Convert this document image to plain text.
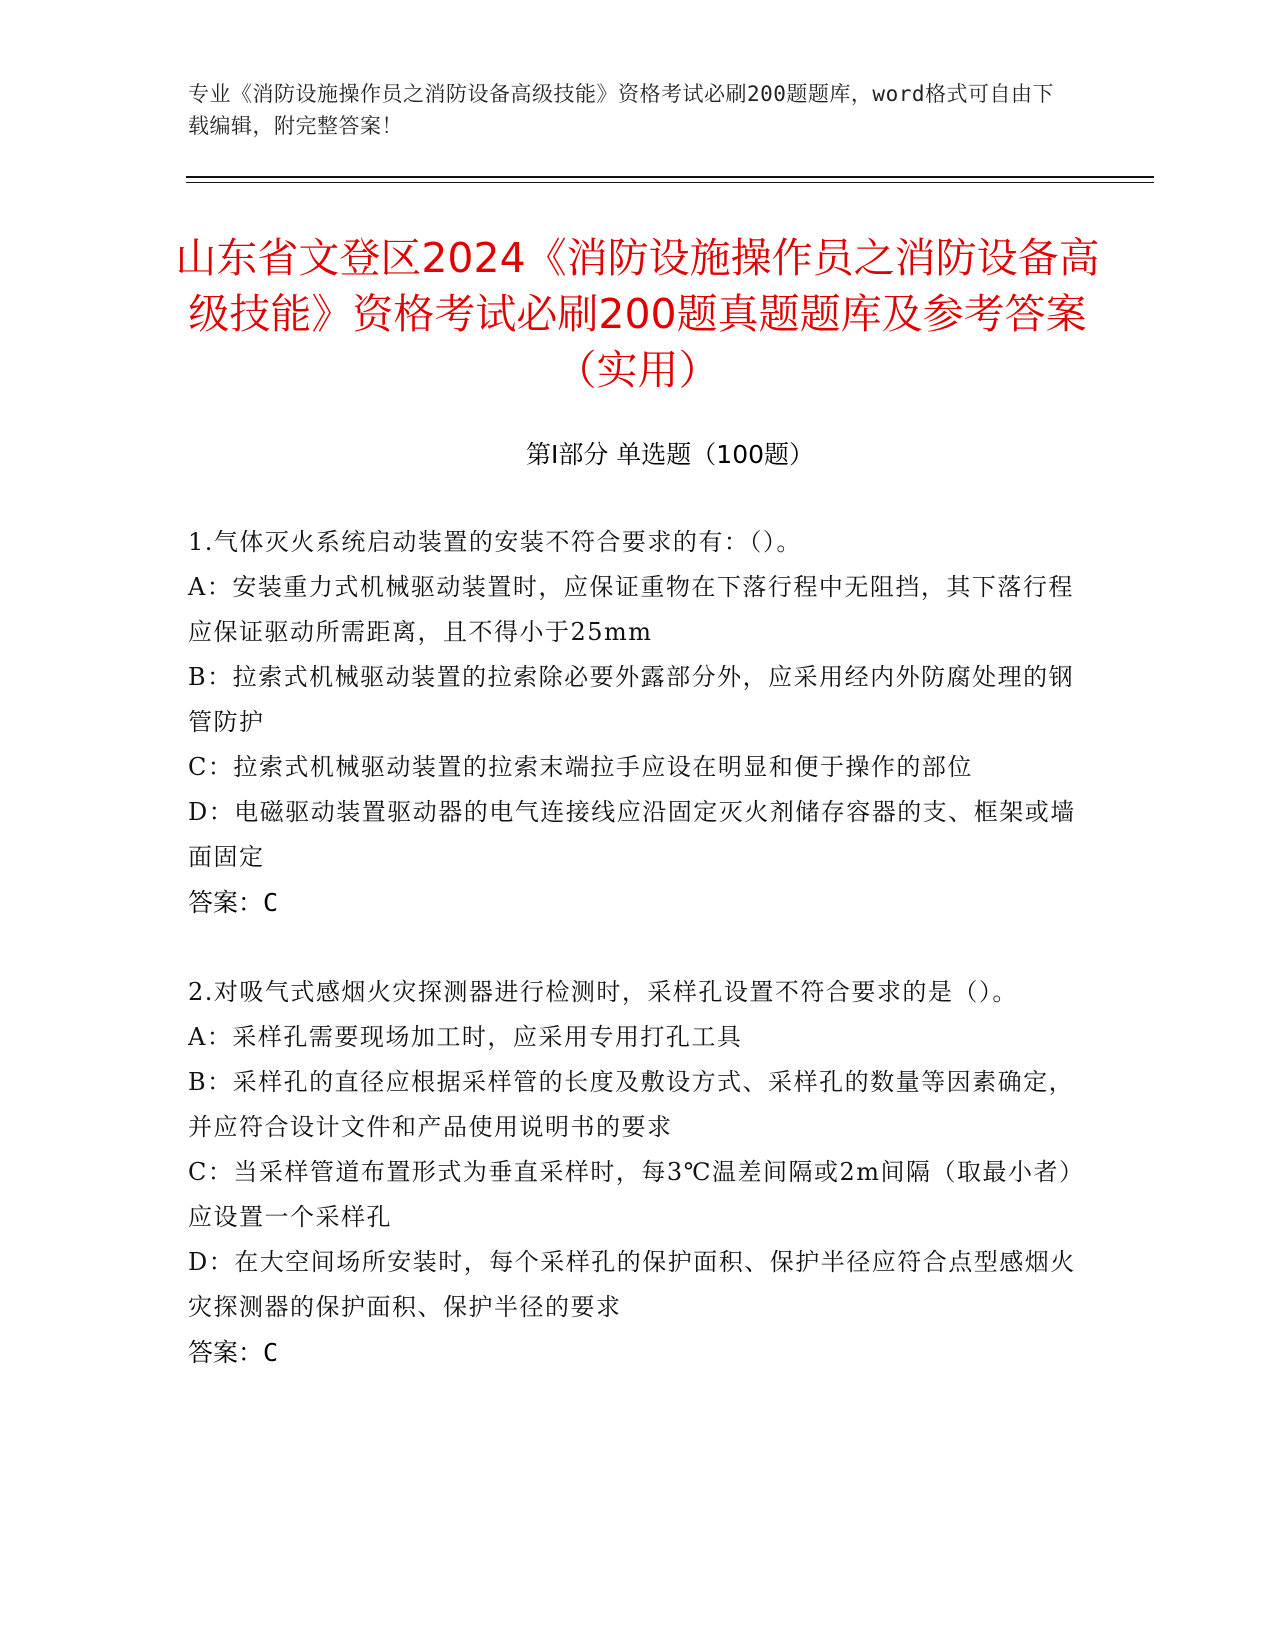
专业《消防设施操作员之消防设备高级技能》资格考试必刷200题题库，word格式可自由下载编辑，附完整答案！

山东省文登区2024《消防设施操作员之消防设备高级技能》资格考试必刷200题真题题库及参考答案（实用）
第Ⅰ部分 单选题（100题）

1.气体灭火系统启动装置的安装不符合要求的有：（）。

A：安装重力式机械驱动装置时，应保证重物在下落行程中无阻挡，其下落行程应保证驱动所需距离，且不得小于25mm

B：拉索式机械驱动装置的拉索除必要外露部分外，应采用经内外防腐处理的钢管防护

C：拉索式机械驱动装置的拉索末端拉手应设在明显和便于操作的部位

D：电磁驱动装置驱动器的电气连接线应沿固定灭火剂储存容器的支、框架或墙面固定

答案：C

2.对吸气式感烟火灾探测器进行检测时，采样孔设置不符合要求的是（）。

A：采样孔需要现场加工时，应采用专用打孔工具

B：采样孔的直径应根据采样管的长度及敷设方式、采样孔的数量等因素确定，并应符合设计文件和产品使用说明书的要求

C：当采样管道布置形式为垂直采样时，每3℃温差间隔或2m间隔（取最小者）应设置一个采样孔

D：在大空间场所安装时，每个采样孔的保护面积、保护半径应符合点型感烟火灾探测器的保护面积、保护半径的要求

答案：C
